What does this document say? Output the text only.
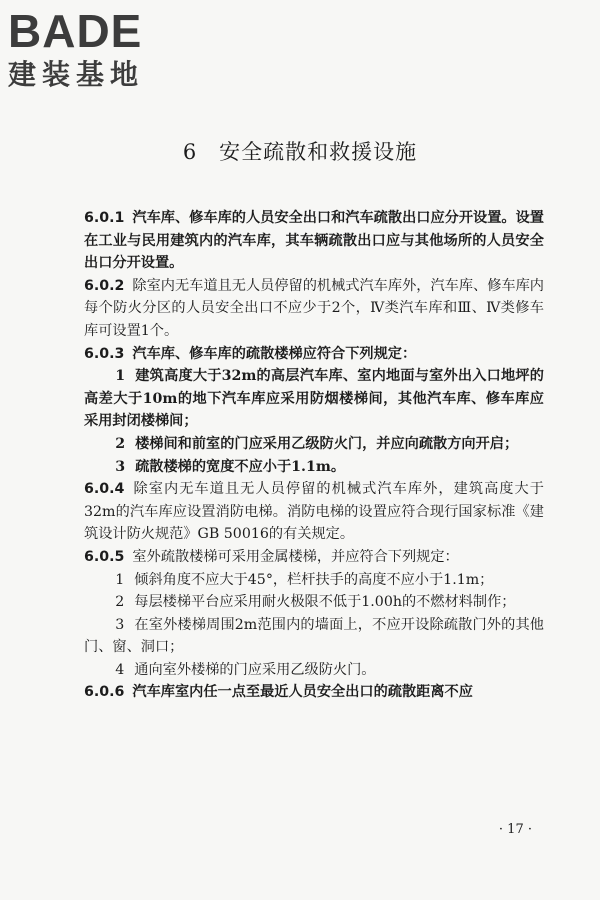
BADE
建装基地
6　安全疏散和救援设施

6.0.1 汽车库、修车库的人员安全出口和汽车疏散出口应分开设置。设置在工业与民用建筑内的汽车库，其车辆疏散出口应与其他场所的人员安全出口分开设置。

6.0.2 除室内无车道且无人员停留的机械式汽车库外，汽车库、修车库内每个防火分区的人员安全出口不应少于2个，Ⅳ类汽车库和Ⅲ、Ⅳ类修车库可设置1个。

6.0.3 汽车库、修车库的疏散楼梯应符合下列规定：

1 建筑高度大于32m的高层汽车库、室内地面与室外出入口地坪的高差大于10m的地下汽车库应采用防烟楼梯间，其他汽车库、修车库应采用封闭楼梯间；

2 楼梯间和前室的门应采用乙级防火门，并应向疏散方向开启；

3 疏散楼梯的宽度不应小于1.1m。

6.0.4 除室内无车道且无人员停留的机械式汽车库外，建筑高度大于32m的汽车库应设置消防电梯。消防电梯的设置应符合现行国家标准《建筑设计防火规范》GB 50016的有关规定。

6.0.5 室外疏散楼梯可采用金属楼梯，并应符合下列规定：

1 倾斜角度不应大于45°，栏杆扶手的高度不应小于1.1m；

2 每层楼梯平台应采用耐火极限不低于1.00h的不燃材料制作；

3 在室外楼梯周围2m范围内的墙面上，不应开设除疏散门外的其他门、窗、洞口；

4 通向室外楼梯的门应采用乙级防火门。

6.0.6 汽车库室内任一点至最近人员安全出口的疏散距离不应

· 17 ·
